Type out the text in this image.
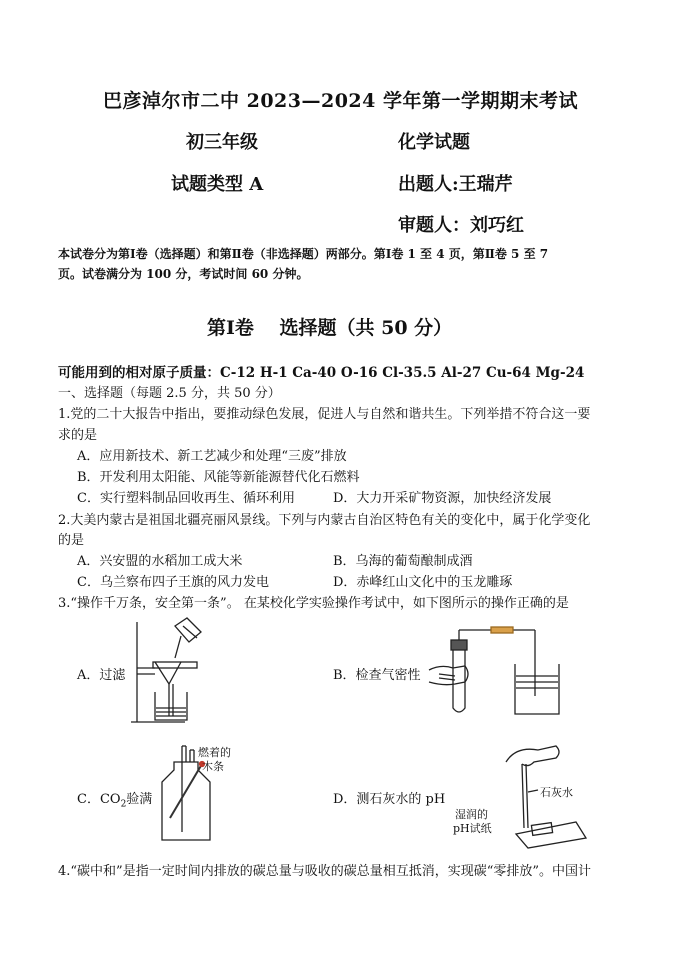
巴彦淖尔市二中 2023—2024 学年第一学期期末考试
初三年级	化学试题
试题类型 A	出题人:王瑞芹
审题人：刘巧红
本试卷分为第Ⅰ卷（选择题）和第Ⅱ卷（非选择题）两部分。第Ⅰ卷 1 至 4 页，第Ⅱ卷 5 至 7
页。试卷满分为 100 分，考试时间 60 分钟。
第Ⅰ卷　 选择题（共 50 分）
可能用到的相对原子质量：C-12 H-1 Ca-40 O-16 Cl-35.5 Al-27 Cu-64 Mg-24
一、选择题（每题 2.5 分，共 50 分）
1.党的二十大报告中指出，要推动绿色发展，促进人与自然和谐共生。下列举措不符合这一要
求的是
A．应用新技术、新工艺减少和处理“三废”排放
B．开发利用太阳能、风能等新能源替代化石燃料
C．实行塑料制品回收再生、循环利用	D．大力开采矿物资源，加快经济发展
2.大美内蒙古是祖国北疆亮丽风景线。下列与内蒙古自治区特色有关的变化中，属于化学变化
的是
A．兴安盟的水稻加工成大米	B．乌海的葡萄酿制成酒
C．乌兰察布四子王旗的风力发电	D．赤峰红山文化中的玉龙雕琢
3.“操作千万条，安全第一条”。 在某校化学实验操作考试中，如下图所示的操作正确的是
A．过滤	B．检查气密性
C．$CO_2$验满	D．测石灰水的 pH
燃着的
木条
石灰水
湿润的
pH试纸
4.“碳中和”是指一定时间内排放的碳总量与吸收的碳总量相互抵消，实现碳“零排放”。中国计
